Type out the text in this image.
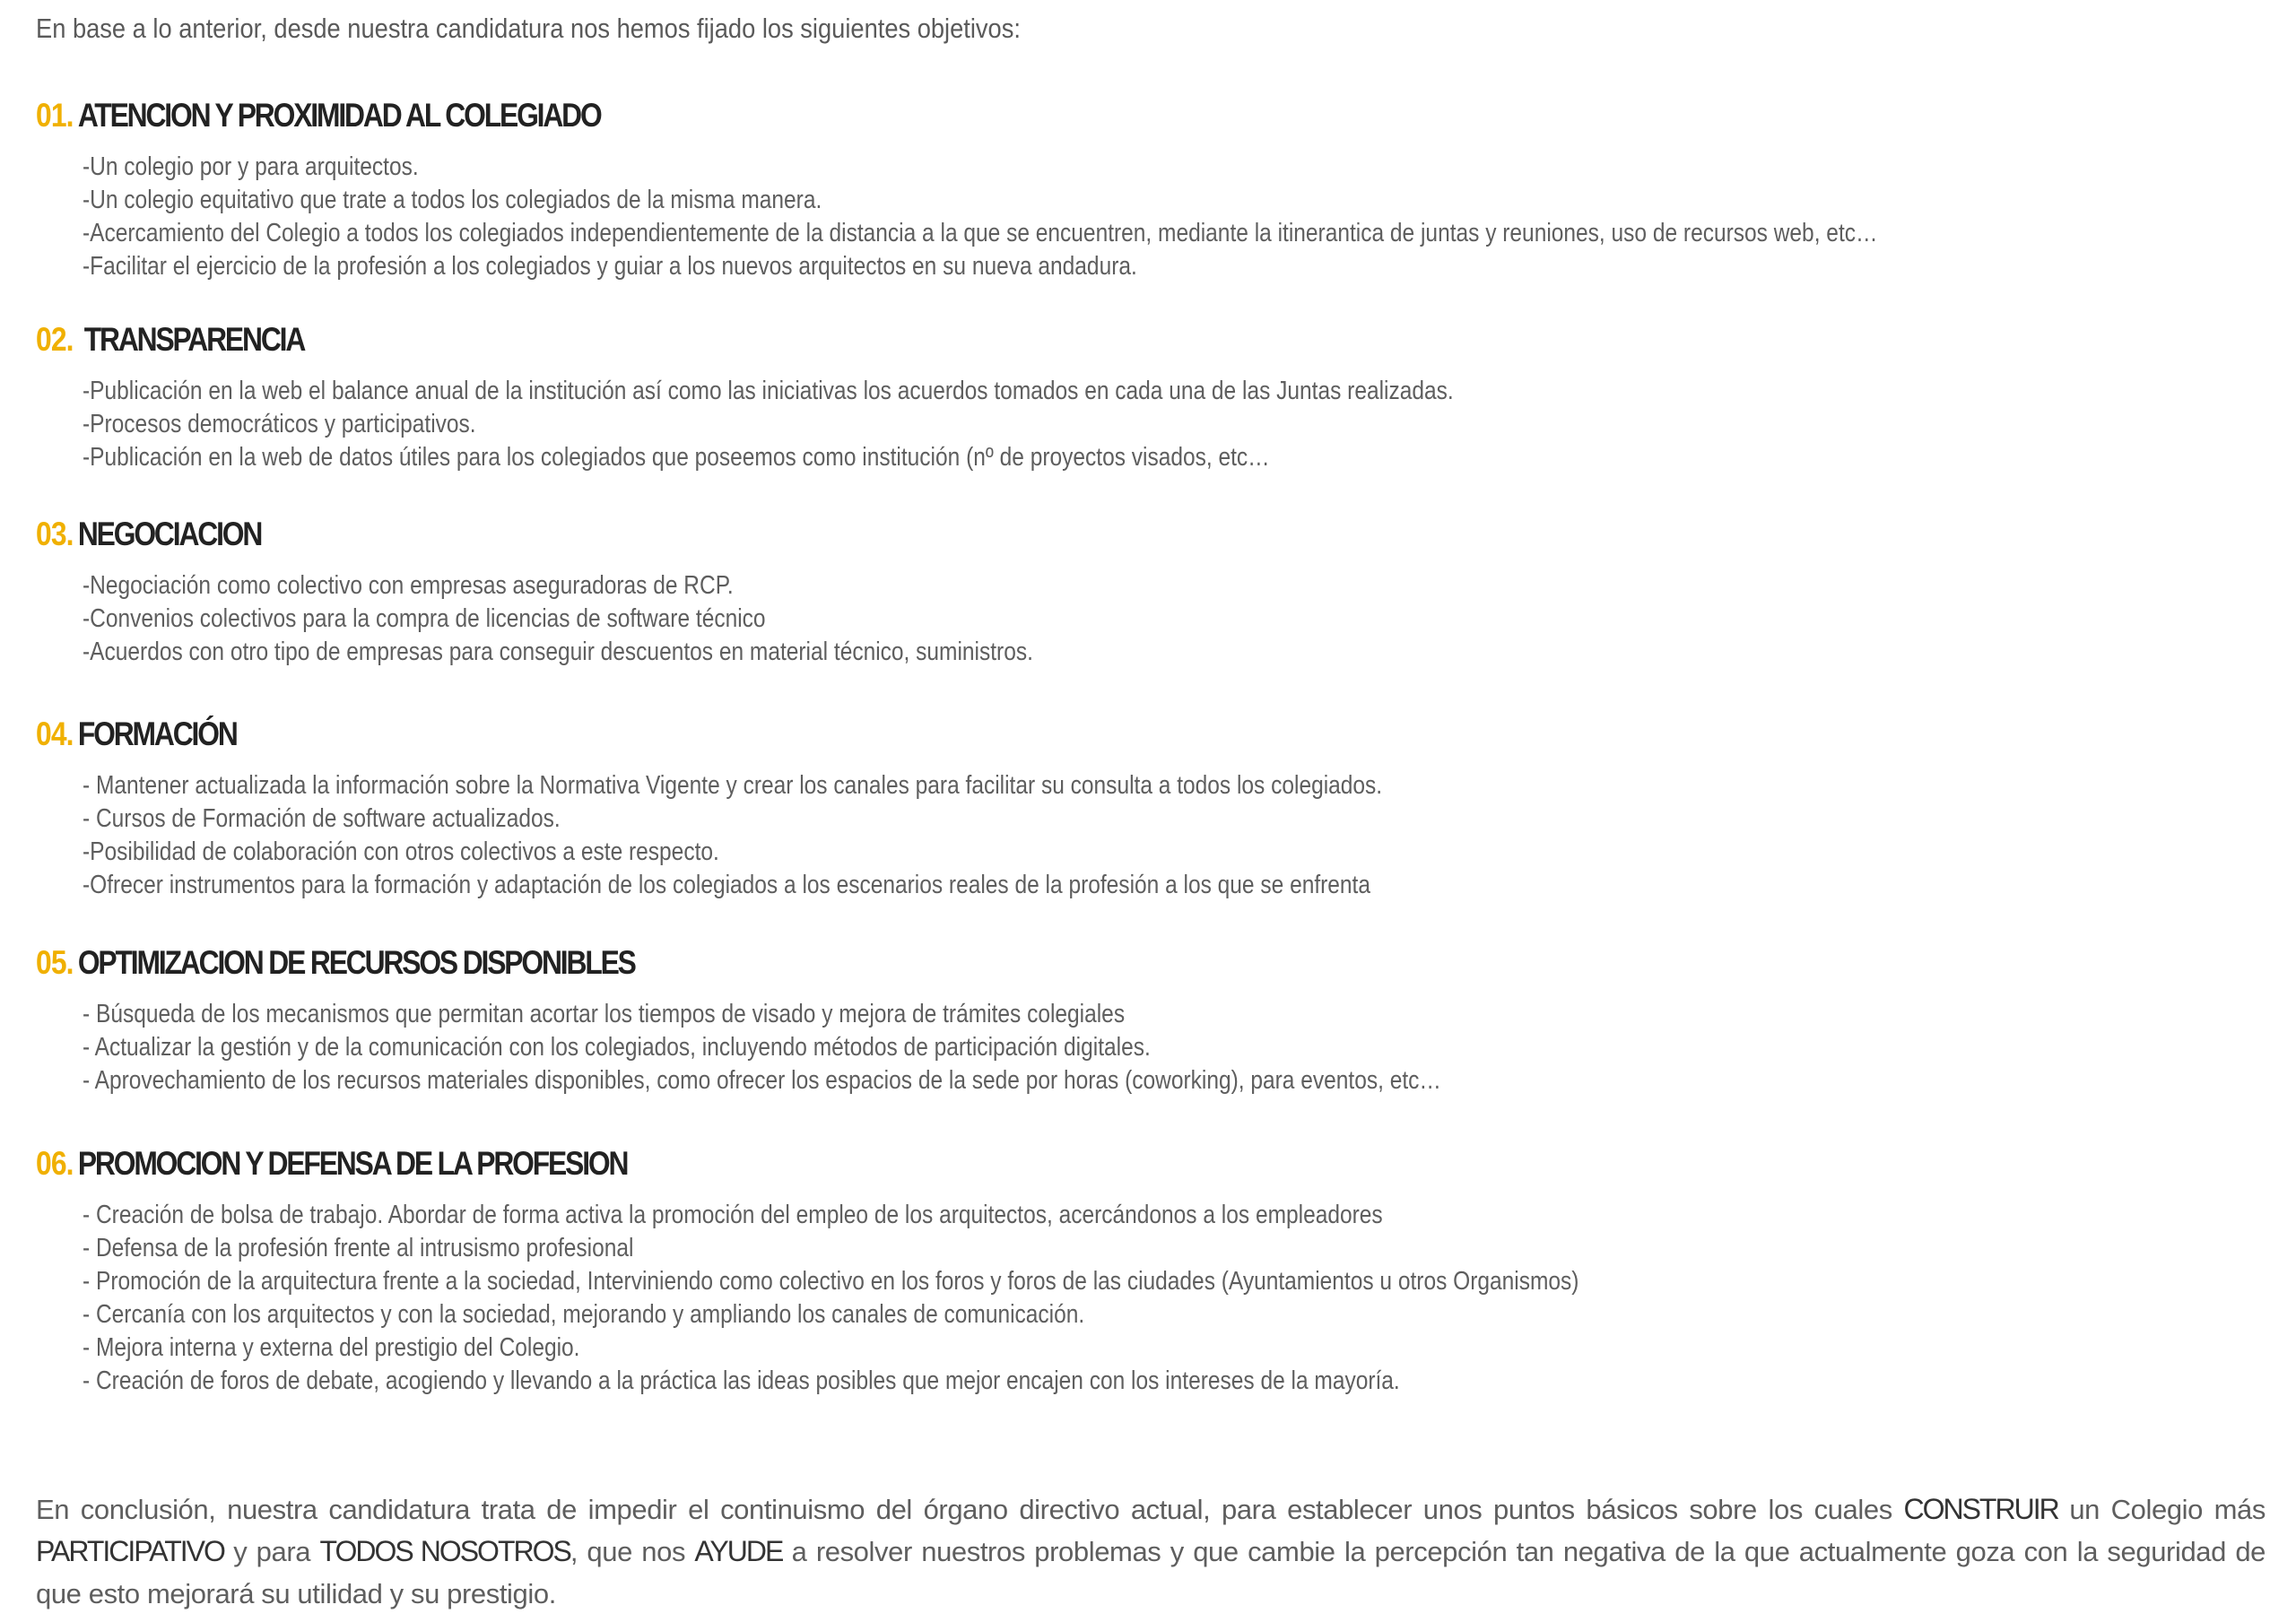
En base a lo anterior, desde nuestra candidatura nos hemos fijado los siguientes objetivos:

01. ATENCION Y PROXIMIDAD AL COLEGIADO
-Un colegio por y para arquitectos.
-Un colegio equitativo que trate a todos los colegiados de la misma manera.
-Acercamiento del Colegio a todos los colegiados independientemente de la distancia a la que se encuentren, mediante la itinerantica de juntas y reuniones, uso de recursos web, etc…
-Facilitar el ejercicio de la profesión a los colegiados y guiar a los nuevos arquitectos en su nueva andadura.
02. TRANSPARENCIA
-Publicación en la web el balance anual de la institución así como las iniciativas los acuerdos tomados en cada una de las Juntas realizadas.
-Procesos democráticos y participativos.
-Publicación en la web de datos útiles para los colegiados que poseemos como institución (nº de proyectos visados, etc…
03. NEGOCIACION
-Negociación como colectivo con empresas aseguradoras de RCP.
-Convenios colectivos para la compra de licencias de software técnico
-Acuerdos con otro tipo de empresas para conseguir descuentos en material técnico, suministros.
04. FORMACIÓN
- Mantener actualizada la información sobre la Normativa Vigente y crear los canales para facilitar su consulta a todos los colegiados.
- Cursos de Formación de software actualizados.
-Posibilidad de colaboración con otros colectivos a este respecto.
-Ofrecer instrumentos para la formación y adaptación de los colegiados a los escenarios reales de la profesión a los que se enfrenta
05. OPTIMIZACION DE RECURSOS DISPONIBLES
- Búsqueda de los mecanismos que permitan acortar los tiempos de visado y mejora de trámites colegiales
- Actualizar la gestión y de la comunicación con los colegiados, incluyendo métodos de participación digitales.
- Aprovechamiento de los recursos materiales disponibles, como ofrecer los espacios de la sede por horas (coworking), para eventos, etc…
06. PROMOCION Y DEFENSA DE LA PROFESION
- Creación de bolsa de trabajo. Abordar de forma activa la promoción del empleo de los arquitectos, acercándonos a los empleadores
- Defensa de la profesión frente al intrusismo profesional
- Promoción de la arquitectura frente a la sociedad, Interviniendo como colectivo en los foros y foros de las ciudades (Ayuntamientos u otros Organismos)
- Cercanía con los arquitectos y con la sociedad, mejorando y ampliando los canales de comunicación.
- Mejora interna y externa del prestigio del Colegio.
- Creación de foros de debate, acogiendo y llevando a la práctica las ideas posibles que mejor encajen con los intereses de la mayoría.

En conclusión, nuestra candidatura trata de impedir el continuismo del órgano directivo actual, para establecer unos puntos básicos sobre los cuales CONSTRUIR un Colegio más PARTICIPATIVO y para TODOS NOSOTROS, que nos AYUDE a resolver nuestros problemas y que cambie la percepción tan negativa de la que actualmente goza con la seguridad de que esto mejorará su utilidad y su prestigio.
